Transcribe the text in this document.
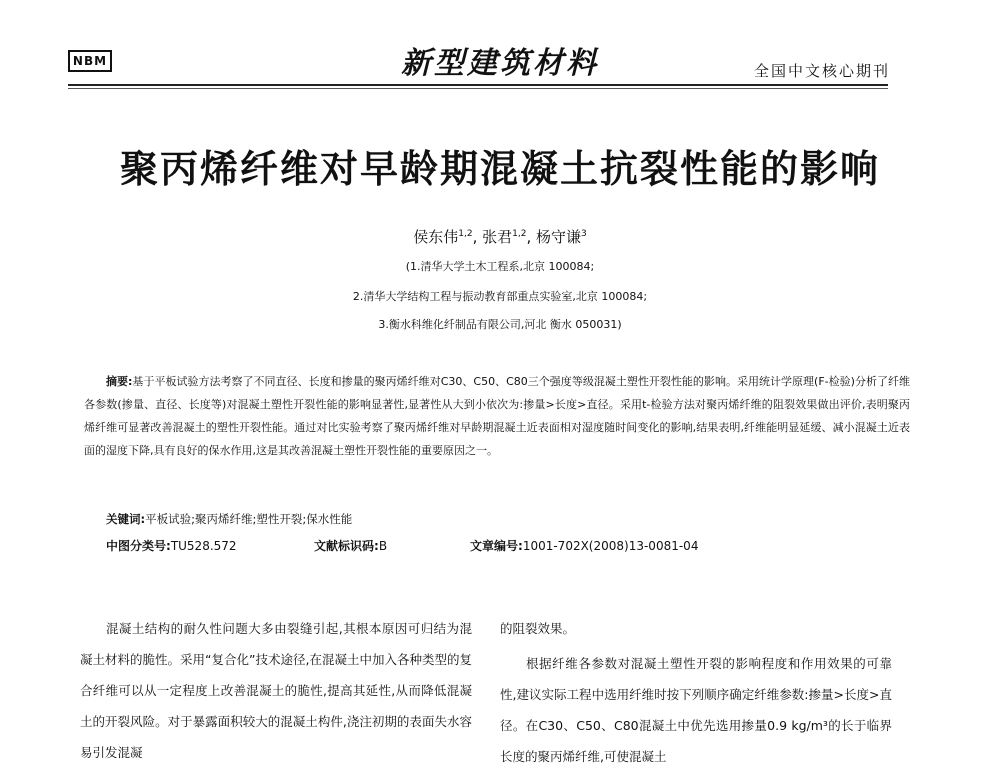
NBM	新型建筑材料	全国中文核心期刊
聚丙烯纤维对早龄期混凝土抗裂性能的影响
侯东伟$^{1,2}$, 张君$^{1,2}$, 杨守谦$^3$
(1.清华大学土木工程系,北京 100084;
2.清华大学结构工程与振动教育部重点实验室,北京 100084;
3.衡水科维化纤制品有限公司,河北 衡水 050031)
摘要:基于平板试验方法考察了不同直径、长度和掺量的聚丙烯纤维对C30、C50、C80三个强度等级混凝土塑性开裂性能的影响。采用统计学原理(F-检验)分析了纤维各参数(掺量、直径、长度等)对混凝土塑性开裂性能的影响显著性,显著性从大到小依次为:掺量>长度>直径。采用t-检验方法对聚丙烯纤维的阻裂效果做出评价,表明聚丙烯纤维可显著改善混凝土的塑性开裂性能。通过对比实验考察了聚丙烯纤维对早龄期混凝土近表面相对湿度随时间变化的影响,结果表明,纤维能明显延缓、减小混凝土近表面的湿度下降,具有良好的保水作用,这是其改善混凝土塑性开裂性能的重要原因之一。
关键词:平板试验;聚丙烯纤维;塑性开裂;保水性能
中图分类号:TU528.572	文献标识码:B	文章编号:1001-702X(2008)13-0081-04

混凝土结构的耐久性问题大多由裂缝引起,其根本原因可归结为混凝土材料的脆性。采用“复合化”技术途径,在混凝土中加入各种类型的复合纤维可以从一定程度上改善混凝土的脆性,提高其延性,从而降低混凝土的开裂风险。对于暴露面积较大的混凝土构件,浇注初期的表面失水容易引发混凝

的阻裂效果。

根据纤维各参数对混凝土塑性开裂的影响程度和作用效果的可靠性,建议实际工程中选用纤维时按下列顺序确定纤维参数:掺量>长度>直径。在C30、C50、C80混凝土中优先选用掺量0.9 kg/m³的长于临界长度的聚丙烯纤维,可使混凝土
